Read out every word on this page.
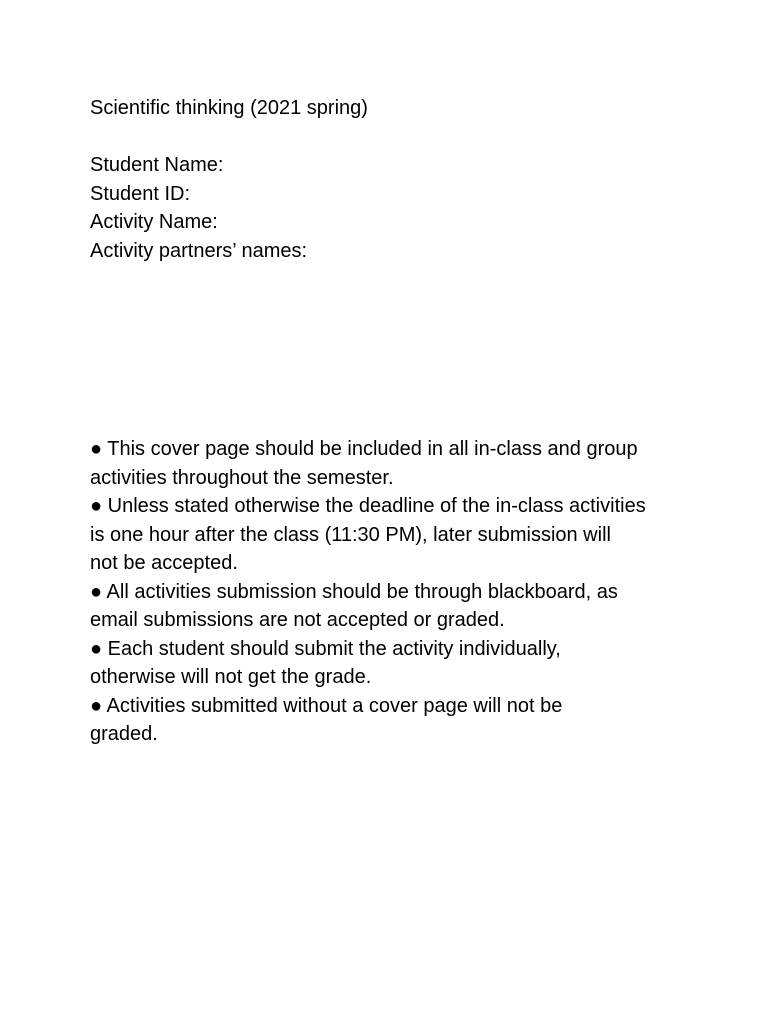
Scientific thinking (2021 spring)
Student Name:
Student ID:
Activity Name:
Activity partners’ names:
● This cover page should be included in all in-class and group
activities throughout the semester.
● Unless stated otherwise the deadline of the in-class activities
is one hour after the class (11:30 PM), later submission will
not be accepted.
● All activities submission should be through blackboard, as
email submissions are not accepted or graded.
● Each student should submit the activity individually,
otherwise will not get the grade.
● Activities submitted without a cover page will not be
graded.
